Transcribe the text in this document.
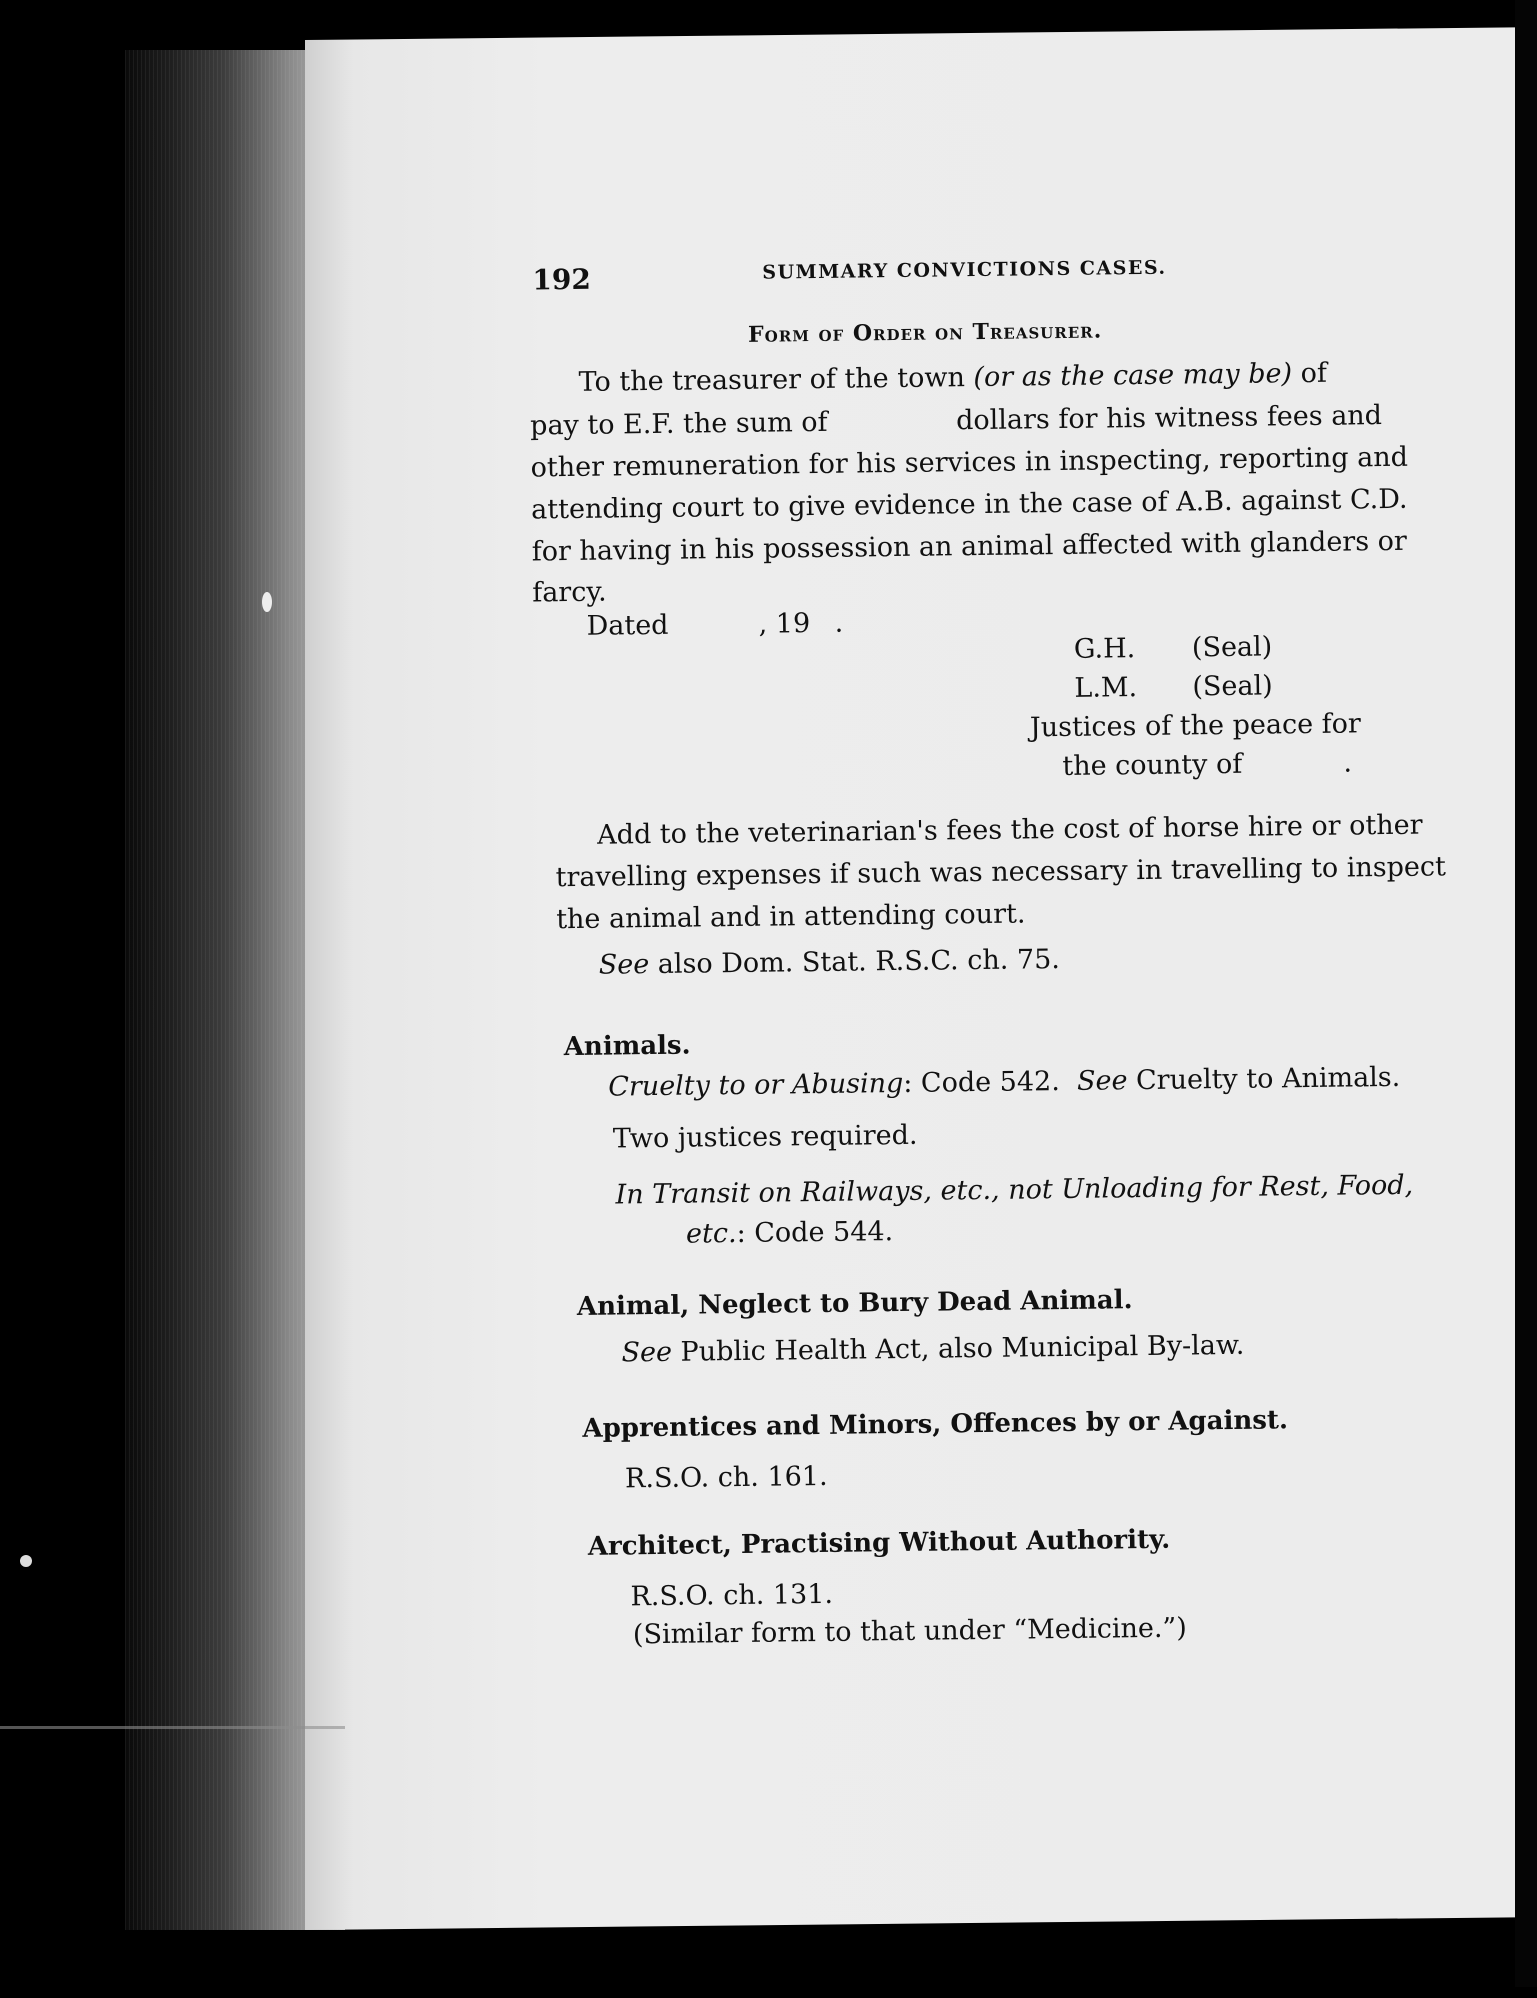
192	SUMMARY CONVICTIONS CASES.
Form of Order on Treasurer.
To the treasurer of the town (or as the case may be) of
pay to E.F. the sum of	dollars for his witness fees and
other remuneration for his services in inspecting, reporting and
attending court to give evidence in the case of A.B. against C.D.
for having in his possession an animal affected with glanders or
farcy.
Dated	, 19 .
G.H. (Seal)
L.M. (Seal)
Justices of the peace for
the county of	.
Add to the veterinarian's fees the cost of horse hire or other
travelling expenses if such was necessary in travelling to inspect
the animal and in attending court.
See also Dom. Stat. R.S.C. ch. 75.
Animals.
Cruelty to or Abusing: Code 542. See Cruelty to Animals.
Two justices required.
In Transit on Railways, etc., not Unloading for Rest, Food,
etc.: Code 544.
Animal, Neglect to Bury Dead Animal.
See Public Health Act, also Municipal By-law.
Apprentices and Minors, Offences by or Against.
R.S.O. ch. 161.
Architect, Practising Without Authority.
R.S.O. ch. 131.
(Similar form to that under “Medicine.”)
